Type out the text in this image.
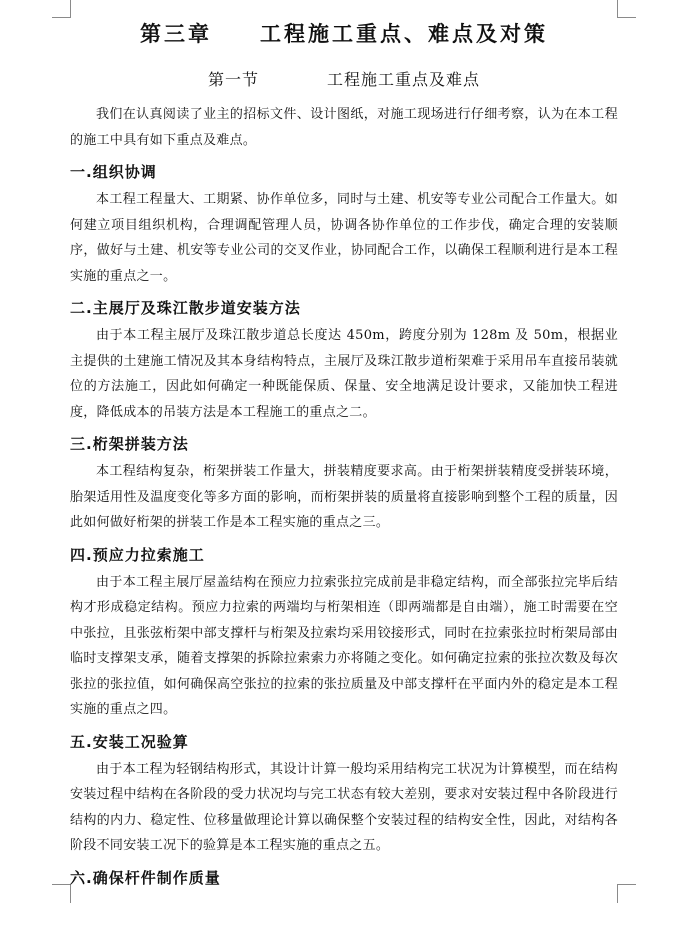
第三章　　工程施工重点、难点及对策
第一节　　　　工程施工重点及难点

我们在认真阅读了业主的招标文件、设计图纸，对施工现场进行仔细考察，认为在本工程的施工中具有如下重点及难点。

一.组织协调

本工程工程量大、工期紧、协作单位多，同时与土建、机安等专业公司配合工作量大。如何建立项目组织机构，合理调配管理人员，协调各协作单位的工作步伐，确定合理的安装顺序，做好与土建、机安等专业公司的交叉作业，协同配合工作，以确保工程顺利进行是本工程实施的重点之一。

二.主展厅及珠江散步道安装方法

由于本工程主展厅及珠江散步道总长度达 450m，跨度分别为 128m 及 50m，根据业主提供的土建施工情况及其本身结构特点，主展厅及珠江散步道桁架难于采用吊车直接吊装就位的方法施工，因此如何确定一种既能保质、保量、安全地满足设计要求，又能加快工程进度，降低成本的吊装方法是本工程施工的重点之二。

三.桁架拼装方法

本工程结构复杂，桁架拼装工作量大，拼装精度要求高。由于桁架拼装精度受拼装环境，胎架适用性及温度变化等多方面的影响，而桁架拼装的质量将直接影响到整个工程的质量，因此如何做好桁架的拼装工作是本工程实施的重点之三。

四.预应力拉索施工

由于本工程主展厅屋盖结构在预应力拉索张拉完成前是非稳定结构，而全部张拉完毕后结构才形成稳定结构。预应力拉索的两端均与桁架相连（即两端都是自由端），施工时需要在空中张拉，且张弦桁架中部支撑杆与桁架及拉索均采用铰接形式，同时在拉索张拉时桁架局部由临时支撑架支承，随着支撑架的拆除拉索索力亦将随之变化。如何确定拉索的张拉次数及每次张拉的张拉值，如何确保高空张拉的拉索的张拉质量及中部支撑杆在平面内外的稳定是本工程实施的重点之四。

五.安装工况验算

由于本工程为轻钢结构形式，其设计计算一般均采用结构完工状况为计算模型，而在结构安装过程中结构在各阶段的受力状况均与完工状态有较大差别，要求对安装过程中各阶段进行结构的内力、稳定性、位移量做理论计算以确保整个安装过程的结构安全性，因此，对结构各阶段不同安装工况下的验算是本工程实施的重点之五。

六.确保杆件制作质量
